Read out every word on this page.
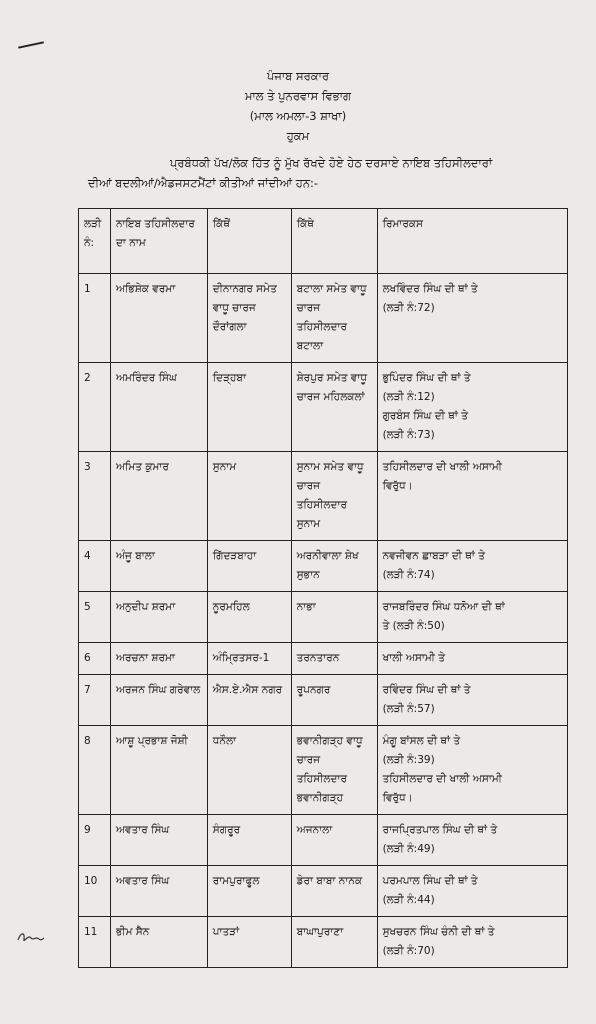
ਪੰਜਾਬ ਸਰਕਾਰ
ਮਾਲ ਤੇ ਪੁਨਰਵਾਸ ਵਿਭਾਗ
(ਮਾਲ ਅਮਲਾ-3 ਸ਼ਾਖਾ)
ਹੁਕਮ
ਪ੍ਰਬੰਧਕੀ ਪੱਖ/ਲੋਕ ਹਿੱਤ ਨੂੰ ਮੁੱਖ ਰੱਖਦੇ ਹੋਏ ਹੇਠ ਦਰਸਾਏ ਨਾਇਬ ਤਹਿਸੀਲਦਾਰਾਂ
ਦੀਆਂ ਬਦਲੀਆਂ/ਐਡਜਸਟਮੈਂਟਾਂ ਕੀਤੀਆਂ ਜਾਂਦੀਆਂ ਹਨ:-
ਲੜੀ ਨੰ:	ਨਾਇਬ ਤਹਿਸੀਲਦਾਰ ਦਾ ਨਾਮ	ਕਿੱਥੋਂ	ਕਿੱਥੇ	ਰਿਮਾਰਕਸ
1	ਅਭਿਸ਼ੇਕ ਵਰਮਾ	ਦੀਨਾਨਗਰ ਸਮੇਤ ਵਾਧੂ ਚਾਰਜ ਦੌਰਾਂਗਲਾ	ਬਟਾਲਾ ਸਮੇਤ ਵਾਧੂ ਚਾਰਜ ਤਹਿਸੀਲਦਾਰ ਬਟਾਲਾ	ਲਖਵਿੰਦਰ ਸਿੰਘ ਦੀ ਥਾਂ ਤੇ
(ਲੜੀ ਨੰ:72)
2	ਅਮਰਿੰਦਰ ਸਿੰਘ	ਦਿੜ੍ਹਬਾ	ਸ਼ੇਰਪੁਰ ਸਮੇਤ ਵਾਧੂ ਚਾਰਜ ਮਹਿਲਕਲਾਂ	ਭੁਪਿੰਦਰ ਸਿੰਘ ਦੀ ਥਾਂ ਤੇ
(ਲੜੀ ਨੰ:12)
ਗੁਰਬੰਸ ਸਿੰਘ ਦੀ ਥਾਂ ਤੇ
(ਲੜੀ ਨੰ:73)
3	ਅਮਿਤ ਕੁਮਾਰ	ਸੁਨਾਮ	ਸੁਨਾਮ ਸਮੇਤ ਵਾਧੂ ਚਾਰਜ ਤਹਿਸੀਲਦਾਰ ਸੁਨਾਮ	ਤਹਿਸੀਲਦਾਰ ਦੀ ਖਾਲੀ ਅਸਾਮੀ
ਵਿਰੁੱਧ।
4	ਅੰਜੂ ਬਾਲਾ	ਗਿੱਦੜਬਾਹਾ	ਅਰਨੀਵਾਲਾ ਸ਼ੇਖ ਸੁਭਾਨ	ਨਵਜੀਵਨ ਛਾਬੜਾ ਦੀ ਥਾਂ ਤੇ
(ਲੜੀ ਨੰ:74)
5	ਅਨੁਦੀਪ ਸ਼ਰਮਾ	ਨੂਰਮਹਿਲ	ਨਾਭਾ	ਰਾਜਬਰਿੰਦਰ ਸਿੰਘ ਧਨੋਆ ਦੀ ਥਾਂ
ਤੇ (ਲੜੀ ਨੰ:50)
6	ਅਰਚਨਾ ਸ਼ਰਮਾ	ਅੰਮ੍ਰਿਤਸਰ-1	ਤਰਨਤਾਰਨ	ਖਾਲੀ ਅਸਾਮੀ ਤੇ
7	ਅਰਜਨ ਸਿੰਘ ਗਰੇਵਾਲ	ਐਸ.ਏ.ਐਸ ਨਗਰ	ਰੂਪਨਗਰ	ਰਵਿੰਦਰ ਸਿੰਘ ਦੀ ਥਾਂ ਤੇ
(ਲੜੀ ਨੰ:57)
8	ਆਸ਼ੂ ਪ੍ਰਭਾਸ਼ ਜੋਸ਼ੀ	ਧਨੌਲਾ	ਭਵਾਨੀਗੜ੍ਹ ਵਾਧੂ ਚਾਰਜ ਤਹਿਸੀਲਦਾਰ ਭਵਾਨੀਗੜ੍ਹ	ਮੰਗੂ ਬਾਂਸਲ ਦੀ ਥਾਂ ਤੇ
(ਲੜੀ ਨੰ:39)
ਤਹਿਸੀਲਦਾਰ ਦੀ ਖਾਲੀ ਅਸਾਮੀ
ਵਿਰੁੱਧ।
9	ਅਵਤਾਰ ਸਿੰਘ	ਸੰਗਰੂਰ	ਅਜਨਾਲਾ	ਰਾਜਪ੍ਰਿਤਪਾਲ ਸਿੰਘ ਦੀ ਥਾਂ ਤੇ
(ਲੜੀ ਨੰ:49)
10	ਅਵਤਾਰ ਸਿੰਘ	ਰਾਮਪੁਰਾਫੂਲ	ਡੇਰਾ ਬਾਬਾ ਨਾਨਕ	ਪਰਮਪਾਲ ਸਿੰਘ ਦੀ ਥਾਂ ਤੇ
(ਲੜੀ ਨੰ:44)
11	ਭੀਮ ਸੈਨ	ਪਾਤੜਾਂ	ਬਾਘਾਪੁਰਾਣਾ	ਸੁਖਚਰਨ ਸਿੰਘ ਚੰਨੀ ਦੀ ਥਾਂ ਤੇ
(ਲੜੀ ਨੰ:70)
